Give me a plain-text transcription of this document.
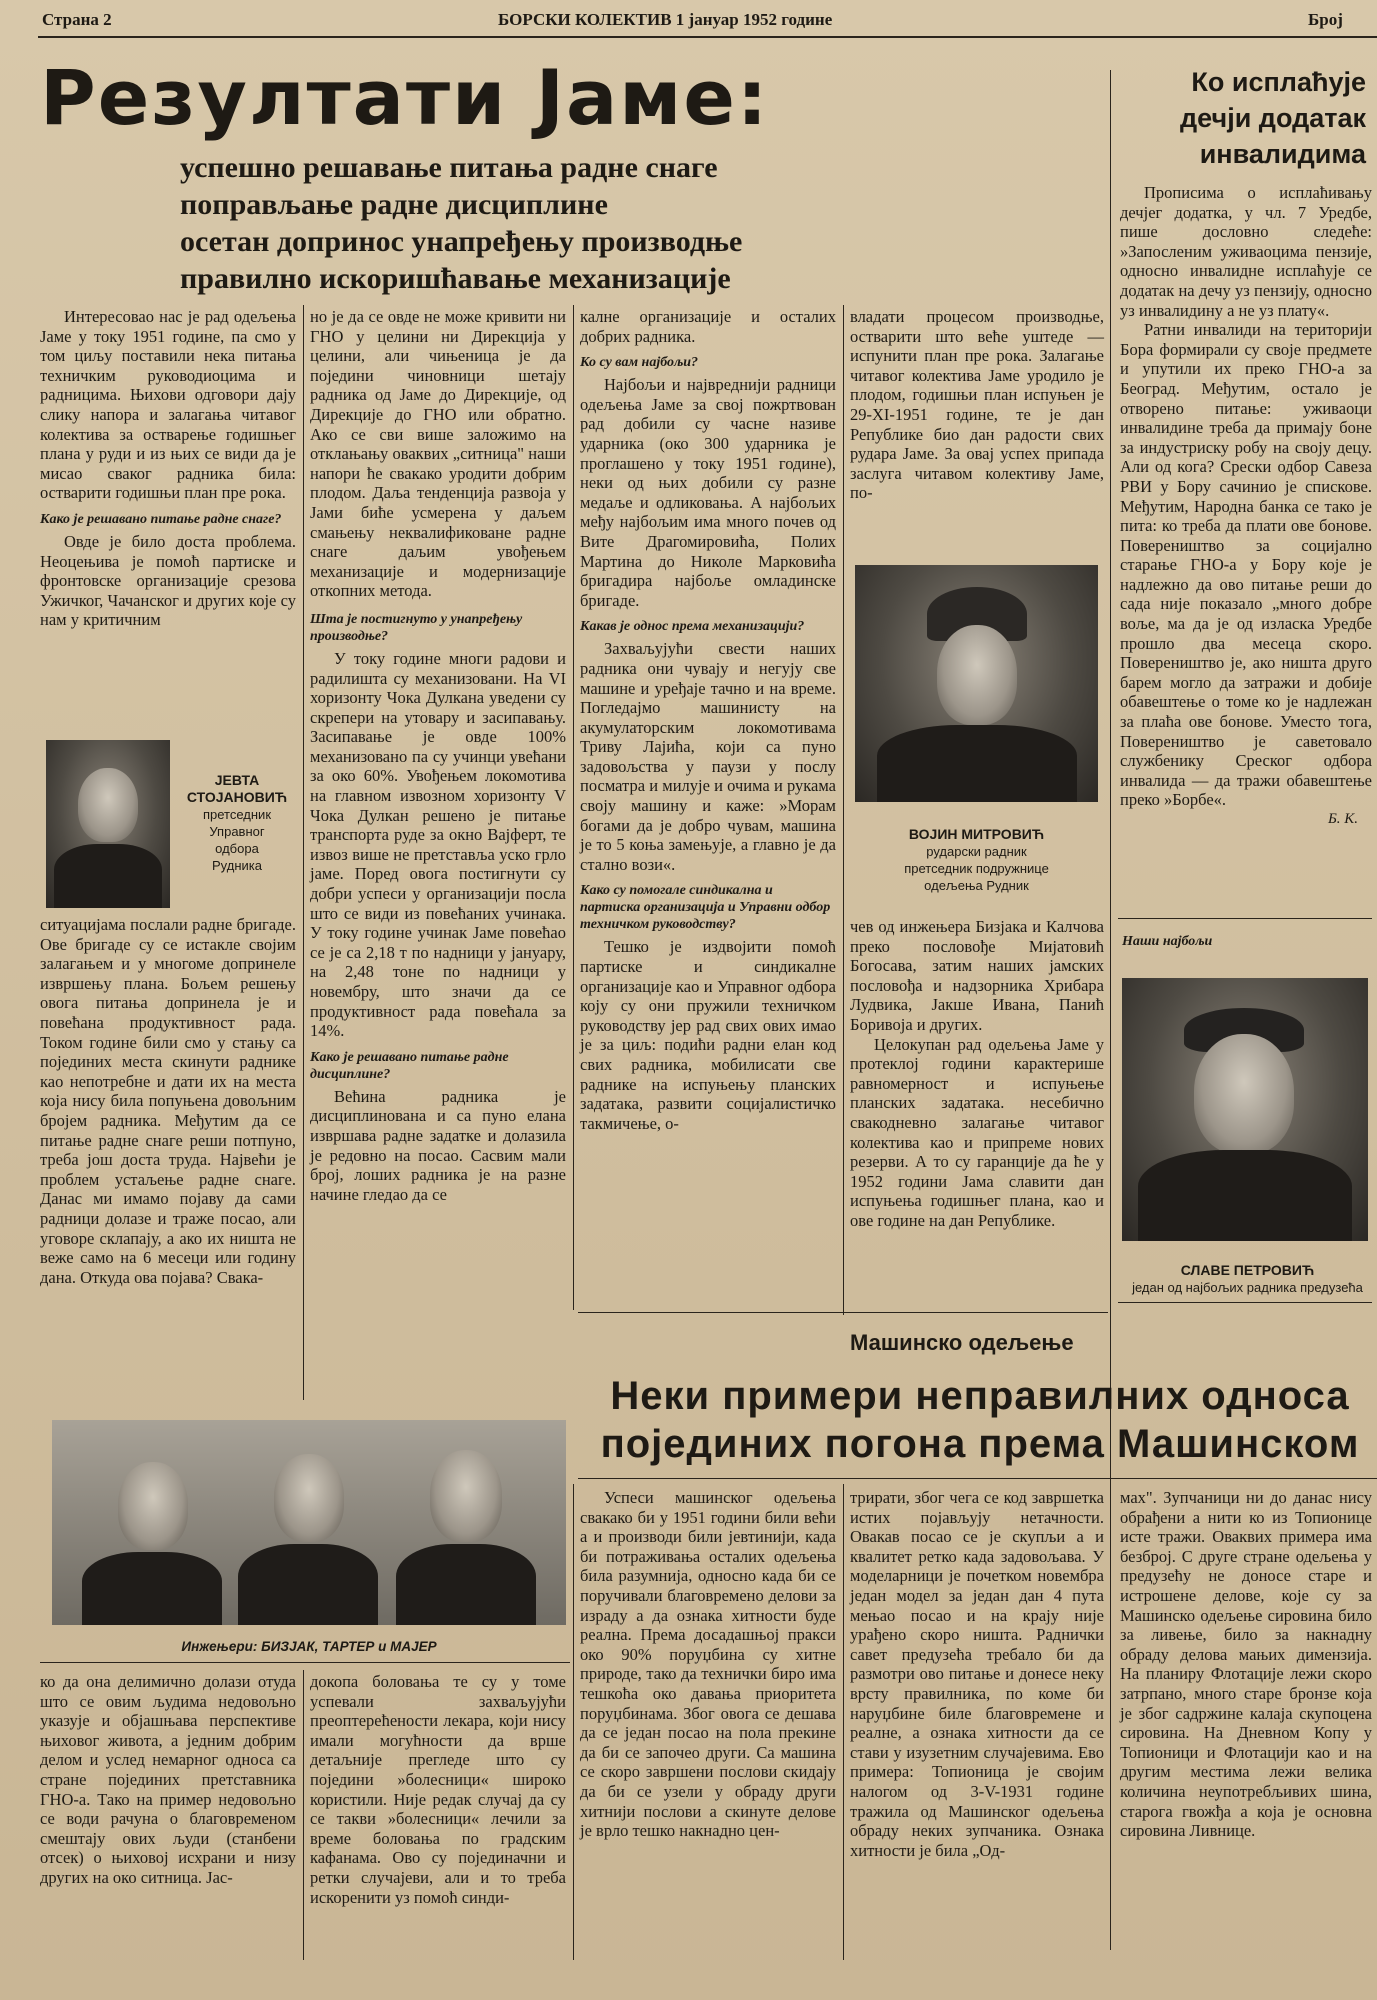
Страна 2	БОРСКИ КОЛЕКТИВ 1 јануар 1952 године	Број
Резултати Јаме:
успешно решавање питања радне снаге
поправљање радне дисциплине
осетан допринос унапређењу производње
правилно искоришћавање механизације

Интересовао нас је рад одељења Јаме у току 1951 године, па смо у том циљу поставили нека питања техничким руководиоцима и радницима. Њихови одговори дају слику напора и залагања читавог колектива за остварење годишњег плана у руди и из њих се види да је мисао сваког радника била: остварити годишњи план пре рока.

Како је решавано питање радне снаге?

Овде је било доста проблема. Неоцењива је помоћ партиске и фронтовске организације срезова Ужичког, Чачанског и других које су нам у критичним

ЈЕВТА
СТОЈАНОВИЋ
претседник
Управног
одбора
Рудника

ситуацијама послали радне бригаде. Ове бригаде су се истакле својим залагањем и у многоме допринеле извршењу плана. Бољем решењу овога питања допринела је и повећана продуктивност рада. Током године били смо у стању са појединих места скинути раднике као непотребне и дати их на места која нису била попуњена довољним бројем радника. Међутим да се питање радне снаге реши потпуно, треба још доста труда. Највећи је проблем устаљење радне снаге. Данас ми имамо појаву да сами радници долазе и траже посао, али уговоре склапају, а ако их ништа не веже само на 6 месеци или годину дана. Откуда ова појава? Свака-

но је да се овде не може кривити ни ГНО у целини ни Дирекција у целини, али чињеница је да поједини чиновници шетају радника од Јаме до Дирекције, од Дирекције до ГНО или обратно. Ако се сви више заложимо на отклањању оваквих „ситница" наши напори ће свакако уродити добрим плодом. Даља тенденција развоја у Јами биће усмерена у даљем смањењу неквалификоване радне снаге даљим увођењем механизације и модернизације откопних метода.

Шта је постигнуто у унапређењу производње?

У току године многи радови и радилишта су механизовани. На VI хоризонту Чока Дулкана уведени су скрепери на утовару и засипавању. Засипавање је овде 100% механизовано па су учинци увећани за око 60%. Увођењем локомотива на главном извозном хоризонту V Чока Дулкан решено је питање транспорта руде за окно Вајферт, те извоз више не претставља уско грло јаме. Поред овога постигнути су добри успеси у организацији посла што се види из повећаних учинака. У току године учинак Јаме повећао се је са 2,18 т по надници у јануару, на 2,48 тоне по надници у новембру, што значи да се продуктивност рада повећала за 14%.

Како је решавано питање радне дисциплине?

Већина радника је дисциплинована и са пуно елана извршава радне задатке и долазила је редовно на посао. Сасвим мали број, лоших радника је на разне начине гледао да се

калне организације и осталих добрих радника.

Ко су вам најбољи?

Најбољи и највреднији радници одељења Јаме за свој пожртвован рад добили су часне називе ударника (око 300 ударника је проглашено у току 1951 године), неки од њих добили су разне медаље и одликовања. А најбољих међу најбољим има много почев од Вите Драгомировића, Полих Мартина до Николе Марковића бригадира најбоље омладинске бригаде.

Какав је однос према механизацији?

Захваљујући свести наших радника они чувају и негују све машине и уређаје тачно и на време. Погледајмо машинисту на акумулаторским локомотивама Триву Лајића, који са пуно задовољства у паузи у послу посматра и милује и очима и рукама своју машину и каже: »Морам богами да је добро чувам, машина је то 5 коња замењује, а главно је да стално вози«.

Како су помогале синдикална и партиска организација и Управни одбор техничком руководству?

Тешко је издвојити помоћ партиске и синдикалне организације као и Управног одбора коју су они пружили техничком руководству јер рад свих ових имао је за циљ: подићи радни елан код свих радника, мобилисати све раднике на испуњењу планских задатака, развити социјалистичко такмичење, о-

владати процесом производње, остварити што веће уштеде — испунити план пре рока. Залагање читавог колектива Јаме уродило је плодом, годишњи план испуњен је 29-XI-1951 године, те је дан Републике био дан радости свих рудара Јаме. За овај успех припада заслуга читавом колективу Јаме, по-

ВОЈИН МИТРОВИЋ
рударски радник
претседник подружнице
одељења Рудник

чев од инжењера Бизјака и Калчова преко пословође Мијатовић Богосава, затим наших јамских пословођа и надзорника Хрибара Лудвика, Јакше Ивана, Панић Боривоја и других.

Целокупан рад одељења Јаме у протеклој години карактерише равномерност и испуњење планских задатака. несебично свакодневно залагање читавог колектива као и припреме нових резерви. А то су гаранције да ће у 1952 години Јама славити дан испуњења годишњег плана, као и ове године на дан Републике.

Ко исплаћује
дечји додатак
инвалидима

Прописима о исплаћивању дечјег додатка, у чл. 7 Уредбе, пише дословно следеће: »Запосленим уживаоцима пензије, односно инвалидне исплаћује се додатак на дечу уз пензију, односно уз инвалидину а не уз плату«.

Ратни инвалиди на територији Бора формирали су своје предмете и упутили их преко ГНО-а за Београд. Међутим, остало је отворено питање: уживаоци инвалидине треба да примају боне за индустриску робу на своју децу. Али од кога? Срески одбор Савеза РВИ у Бору сачинио је спискове. Међутим, Народна банка се тако је пита: ко треба да плати ове бонове. Повереништво за социјално старање ГНО-а у Бору које је надлежно да ово питање реши до сада није показало „много добре воље, ма да је од изласка Уредбе прошло два месеца скоро. Повереништво је, ако ништа друго барем могло да затражи и добије обавештење о томе ко је надлежан за плаћа ове бонове. Уместо тога, Повереништво је саветовало службенику Среског одбора инвалида — да тражи обавештење преко »Борбе«.

Б. К.
Наши најбољи
СЛАВЕ ПЕТРОВИЋ
један од најбољих радника предузећа
Инжењери: БИЗЈАК, ТАРТЕР и МАЈЕР
Машинско одељење
Неки примери неправилних односа
појединих погона према Машинском

ко да она делимично долази отуда што се овим људима недовољно указује и објашњава перспективе њиховог живота, а једним добрим делом и услед немарног односа са стране појединих претставника ГНО-а. Тако на пример недовољно се води рачуна о благовременом смештају ових људи (станбени отсек) о њиховој исхрани и низу других на око ситница. Јас-

докопа боловања те су у томе успевали захваљујући преоптерећености лекара, који нису имали могућности да врше детаљније прегледе што су поједини »болесници« широко користили. Није редак случај да су се такви »болесници« лечили за време боловања по градским кафанама. Ово су појединачни и ретки случајеви, али и то треба искоренити уз помоћ синди-

Успеси машинског одељења свакако би у 1951 години били већи а и производи били јевтинији, када би потраживања осталих одељења била разумнија, односно када би се поручивали благовремено делови за израду а да ознака хитности буде реална. Према досадашњој пракси око 90% поруџбина су хитне природе, тако да технички биро има тешкоћа око давања приоритета поруџбинама. Због овога се дешава да се један посао на пола прекине да би се започео други. Са машина се скоро завршени послови скидају да би се узели у обраду други хитнији послови а скинуте делове је врло тешко накнадно цен-

трирати, због чега се код завршетка истих појављују нетачности. Овакав посао се је скупљи а и квалитет ретко када задовољава. У моделарници је почетком новембра један модел за један дан 4 пута мењао посао и на крају није урађено скоро ништа. Раднички савет предузећа требало би да размотри ово питање и донесе неку врсту правилника, по коме би наруџбине биле благовремене и реалне, а ознака хитности да се стави у изузетним случајевима. Ево примера: Топионица је својим налогом од 3-V-1931 године тражила од Машинског одељења обраду неких зупчаника. Ознака хитности је била „Од-

мах". Зупчаници ни до данас нису обрађени а нити ко из Топионице истe тражи. Оваквих примера има безброј. С друге стране одељења у предузећу не доносе старе и истрошене делове, које су за Машинско одељење сировина било за ливење, било за накнадну обраду делова мањих димензија. На планиру Флотације лежи скоро затрпано, много старе бронзе која је због садржине калаја скупоцена сировина. На Дневном Копу у Топионици и Флотацији као и на другим местима лежи велика количина неупотребљивих шина, старога гвожђа а која је основна сировина Ливнице.
